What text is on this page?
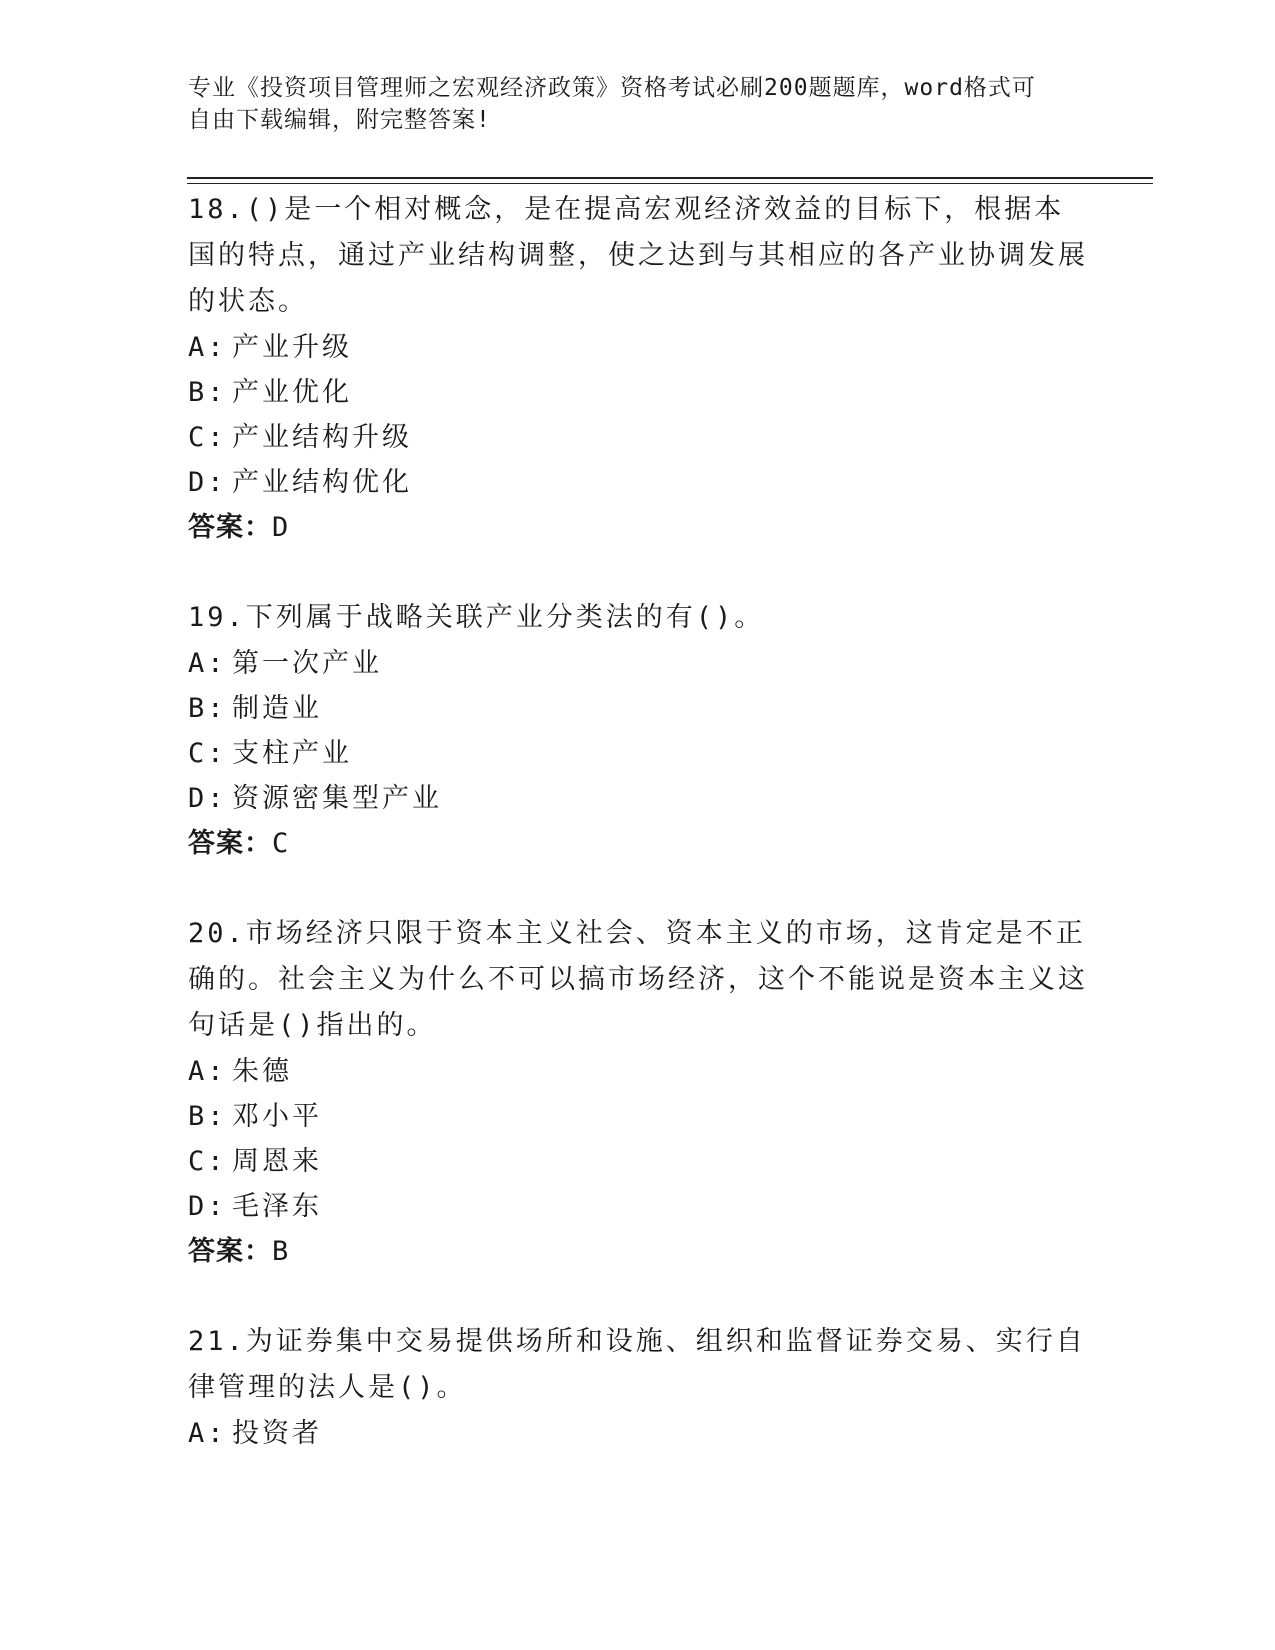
专业《投资项目管理师之宏观经济政策》资格考试必刷200题题库，word格式可
自由下载编辑，附完整答案!

18.()是一个相对概念，是在提高宏观经济效益的目标下，根据本国的特点，通过产业结构调整，使之达到与其相应的各产业协调发展的状态。

A: 产业升级

B: 产业优化

C: 产业结构升级

D: 产业结构优化

答案：D

19.下列属于战略关联产业分类法的有()。

A: 第一次产业

B: 制造业

C: 支柱产业

D: 资源密集型产业

答案：C

20.市场经济只限于资本主义社会、资本主义的市场，这肯定是不正确的。社会主义为什么不可以搞市场经济，这个不能说是资本主义这句话是()指出的。

A: 朱德

B: 邓小平

C: 周恩来

D: 毛泽东

答案：B

21.为证券集中交易提供场所和设施、组织和监督证券交易、实行自律管理的法人是()。

A: 投资者
